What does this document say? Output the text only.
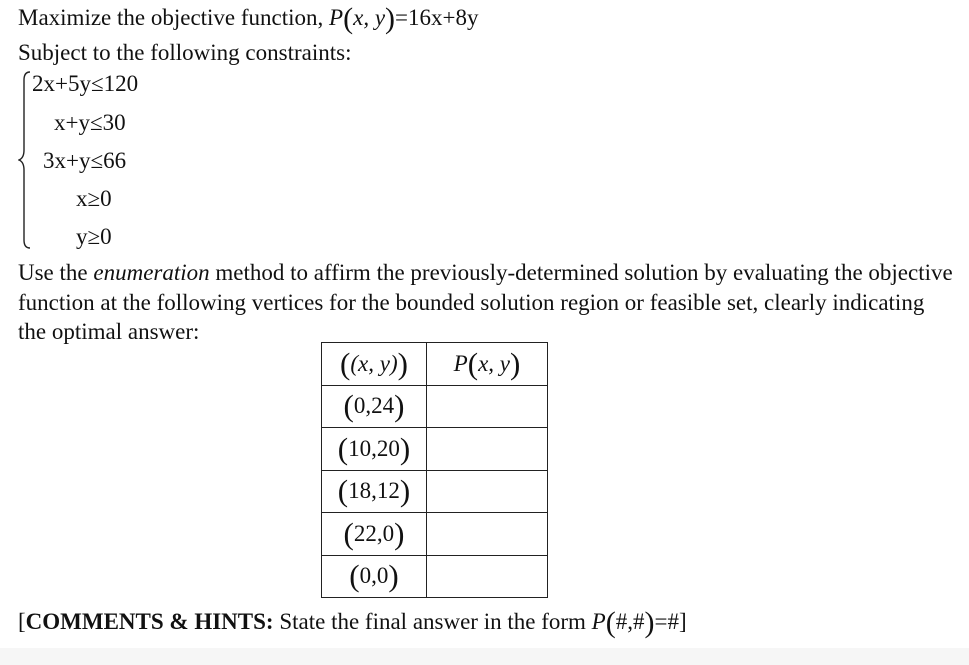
Maximize the objective function, P(x, y)=16x+8y
Subject to the following constraints:
2x+5y≤120
x+y≤30
3x+y≤66
x≥0
y≥0
Use the enumeration method to affirm the previously-determined solution by evaluating the objective function at the following vertices for the bounded solution region or feasible set, clearly indicating the optimal answer:
((x, y))	P(x, y)
(0,24)	
(10,20)	
(18,12)	
(22,0)	
(0,0)	
[COMMENTS & HINTS: State the final answer in the form P(#,#)=#]
